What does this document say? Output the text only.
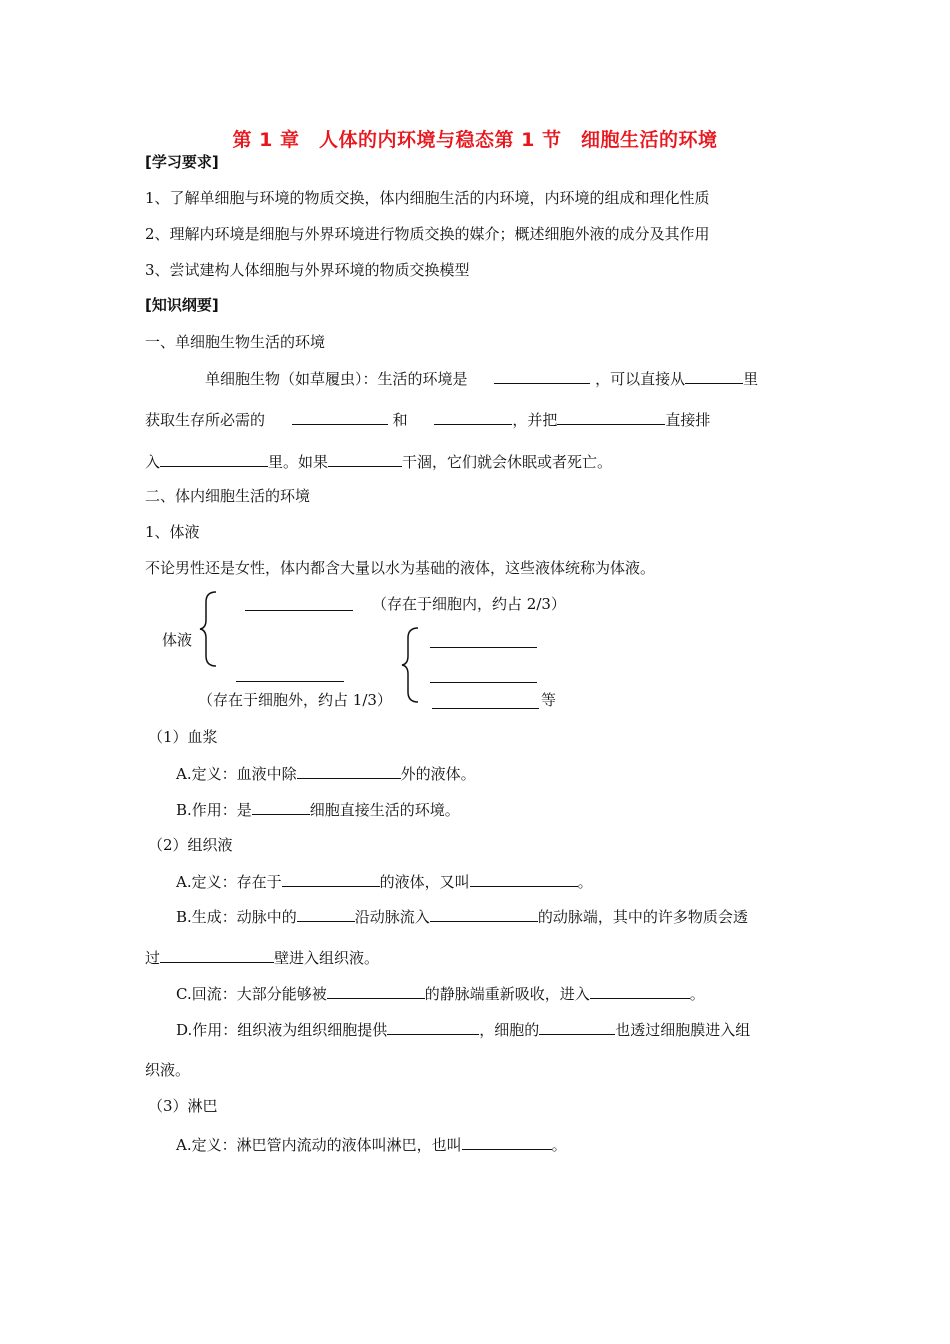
第 1 章　人体的内环境与稳态第 1 节　细胞生活的环境
[学习要求]
1、了解单细胞与环境的物质交换，体内细胞生活的内环境，内环境的组成和理化性质
2、理解内环境是细胞与外界环境进行物质交换的媒介；概述细胞外液的成分及其作用
3、尝试建构人体细胞与外界环境的物质交换模型
[知识纲要]
一、单细胞生物生活的环境
单细胞生物（如草履虫）：生活的环境是	，可以直接从	里
获取生存所必需的	和	，并把	直接排
入	里。如果	干涸，它们就会休眠或者死亡。
二、体内细胞生活的环境
1、体液
不论男性还是女性，体内都含大量以水为基础的液体，这些液体统称为体液。
体液
（存在于细胞内，约占 2/3）
（存在于细胞外，约占 1/3）	等
（1）血浆
A.定义：血液中除	外的液体。
B.作用：是	细胞直接生活的环境。
（2）组织液
A.定义：存在于	的液体，又叫	。
B.生成：动脉中的	沿动脉流入	的动脉端，其中的许多物质会透
过	壁进入组织液。
C.回流：大部分能够被	的静脉端重新吸收，进入	。
D.作用：组织液为组织细胞提供	，细胞的	也透过细胞膜进入组
织液。
（3）淋巴
A.定义：淋巴管内流动的液体叫淋巴，也叫	。
